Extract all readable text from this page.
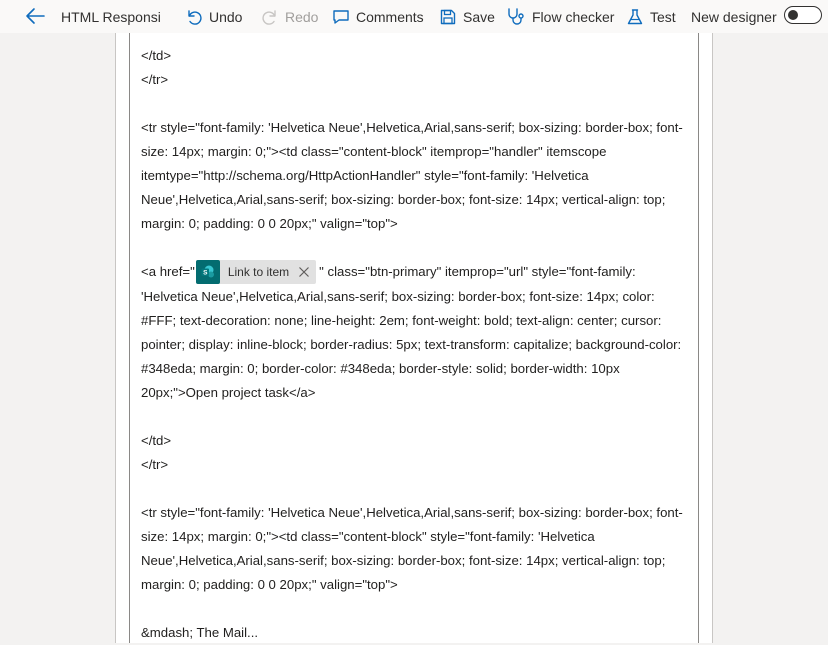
HTML Responsi	Undo	Redo	Comments	Save	Flow checker	Test New designer

</td>

</tr>

<tr style="font-family: 'Helvetica Neue',Helvetica,Arial,sans-serif; box-sizing: border-box; font-size: 14px; margin: 0;"><td class="content-block" itemprop="handler" itemscope itemtype="http://schema.org/HttpActionHandler" style="font-family: 'Helvetica Neue',Helvetica,Arial,sans-serif; box-sizing: border-box; font-size: 14px; vertical-align: top; margin: 0; padding: 0 0 20px;" valign="top">

<a href=" S	Link to item	" class="btn-primary" itemprop="url" style="font-family: 'Helvetica Neue',Helvetica,Arial,sans-serif; box-sizing: border-box; font-size: 14px; color: #FFF; text-decoration: none; line-height: 2em; font-weight: bold; text-align: center; cursor: pointer; display: inline-block; border-radius: 5px; text-transform: capitalize; background-color: #348eda; margin: 0; border-color: #348eda; border-style: solid; border-width: 10px 20px;">Open project task</a>

</td>

</tr>

<tr style="font-family: 'Helvetica Neue',Helvetica,Arial,sans-serif; box-sizing: border-box; font-size: 14px; margin: 0;"><td class="content-block" style="font-family: 'Helvetica Neue',Helvetica,Arial,sans-serif; box-sizing: border-box; font-size: 14px; vertical-align: top; margin: 0; padding: 0 0 20px;" valign="top">

&mdash; The Mail...
